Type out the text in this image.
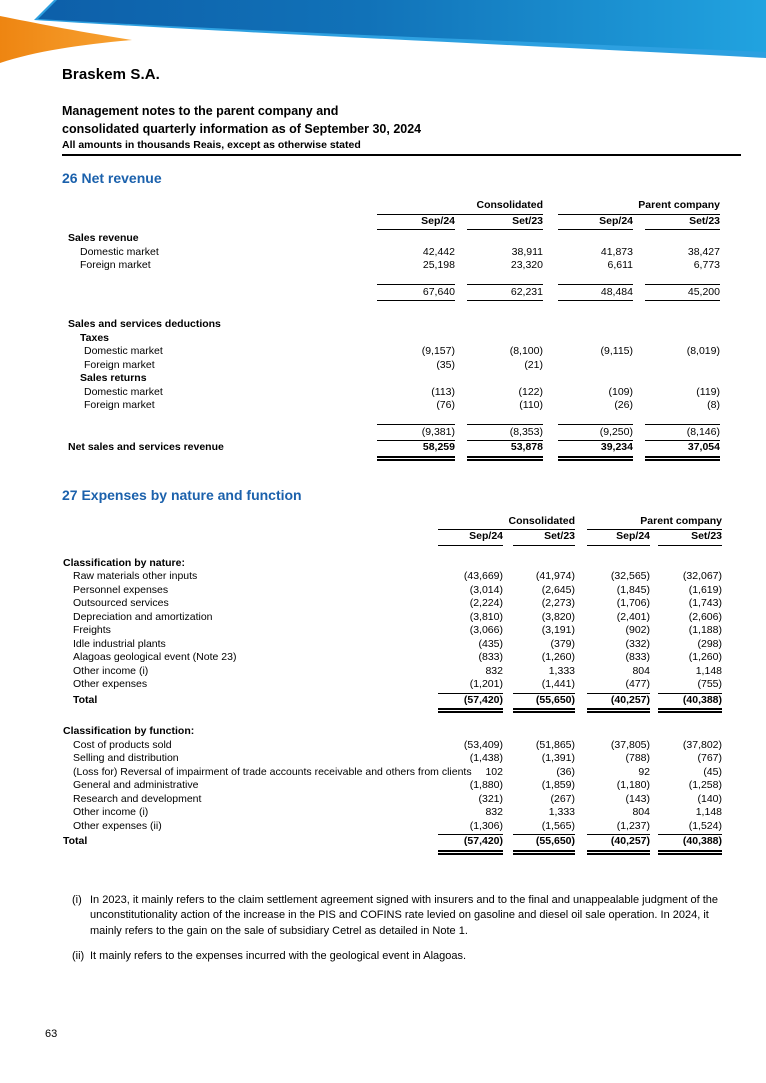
Braskem S.A.
Management notes to the parent company and
consolidated quarterly information as of September 30, 2024
All amounts in thousands Reais, except as otherwise stated
26 Net revenue
Consolidated	Parent company
Sep/24	Set/23	Sep/24	Set/23
Sales revenue
Domestic market	42,442	38,911	41,873	38,427
Foreign market	25,198	23,320	6,611	6,773
67,640	62,231	48,484	45,200
Sales and services deductions
Taxes
Domestic market	(9,157)	(8,100)	(9,115)	(8,019)
Foreign market	(35)	(21)
Sales returns
Domestic market	(113)	(122)	(109)	(119)
Foreign market	(76)	(110)	(26)	(8)
(9,381)	(8,353)	(9,250)	(8,146)
Net sales and services revenue	58,259	53,878	39,234	37,054
27 Expenses by nature and function
Consolidated	Parent company
Sep/24	Set/23	Sep/24	Set/23
Classification by nature:
Raw materials other inputs	(43,669)	(41,974)	(32,565)	(32,067)
Personnel expenses	(3,014)	(2,645)	(1,845)	(1,619)
Outsourced services	(2,224)	(2,273)	(1,706)	(1,743)
Depreciation and amortization	(3,810)	(3,820)	(2,401)	(2,606)
Freights	(3,066)	(3,191)	(902)	(1,188)
Idle industrial plants	(435)	(379)	(332)	(298)
Alagoas geological event (Note 23)	(833)	(1,260)	(833)	(1,260)
Other income (i)	832	1,333	804	1,148
Other expenses	(1,201)	(1,441)	(477)	(755)
Total	(57,420)	(55,650)	(40,257)	(40,388)
Classification by function:
Cost of products sold	(53,409)	(51,865)	(37,805)	(37,802)
Selling and distribution	(1,438)	(1,391)	(788)	(767)
(Loss for) Reversal of impairment of trade accounts receivable and others from clients	102	(36)	92	(45)
General and administrative	(1,880)	(1,859)	(1,180)	(1,258)
Research and development	(321)	(267)	(143)	(140)
Other income (i)	832	1,333	804	1,148
Other expenses (ii)	(1,306)	(1,565)	(1,237)	(1,524)
Total	(57,420)	(55,650)	(40,257)	(40,388)
(i) In 2023, it mainly refers to the claim settlement agreement signed with insurers and to the final and unappealable judgment of the unconstitutionality action of the increase in the PIS and COFINS rate levied on gasoline and diesel oil sale operation. In 2024, it mainly refers to the gain on the sale of subsidiary Cetrel as detailed in Note 1.
(ii) It mainly refers to the expenses incurred with the geological event in Alagoas.
63
